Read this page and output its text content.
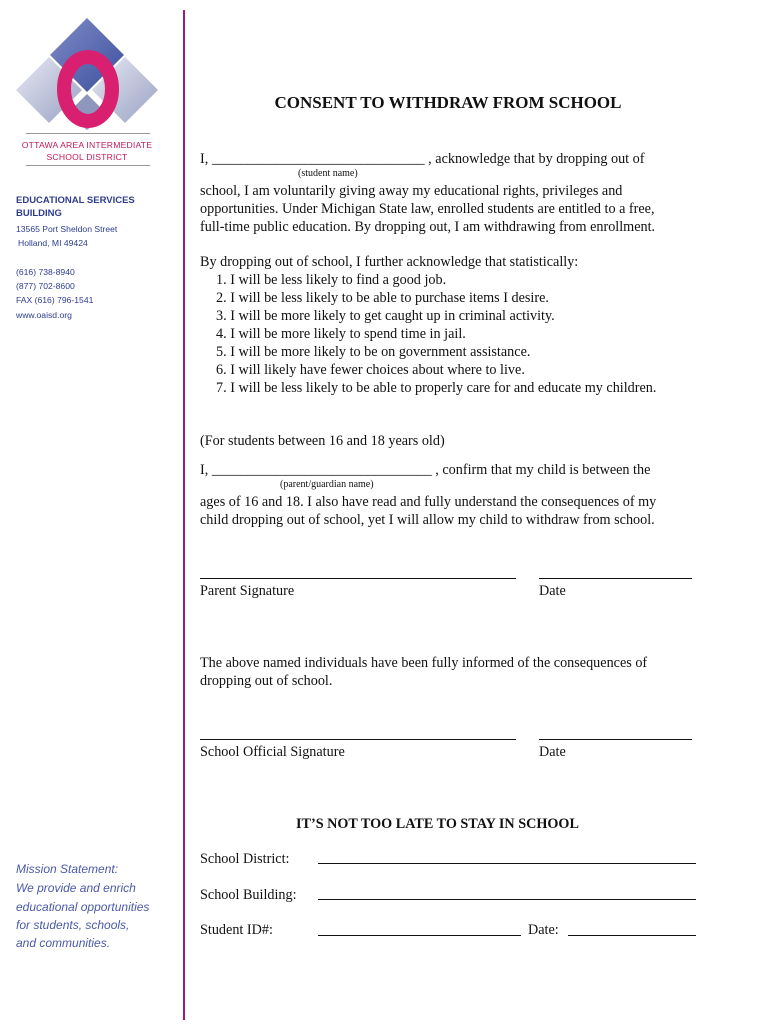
OTTAWA AREA INTERMEDIATE
SCHOOL DISTRICT
EDUCATIONAL SERVICES
BUILDING
13565 Port Sheldon Street
Holland, MI 49424
(616) 738-8940
(877) 702-8600
FAX (616) 796-1541
www.oaisd.org
Mission Statement:
We provide and enrich
educational opportunities
for students, schools,
and communities.
CONSENT TO WITHDRAW FROM SCHOOL
I, ______________________________ , acknowledge that by dropping out of
(student name)
school, I am voluntarily giving away my educational rights, privileges and
opportunities. Under Michigan State law, enrolled students are entitled to a free,
full-time public education. By dropping out, I am withdrawing from enrollment.
By dropping out of school, I further acknowledge that statistically:
1. I will be less likely to find a good job.
2. I will be less likely to be able to purchase items I desire.
3. I will be more likely to get caught up in criminal activity.
4. I will be more likely to spend time in jail.
5. I will be more likely to be on government assistance.
6. I will likely have fewer choices about where to live.
7. I will be less likely to be able to properly care for and educate my children.
(For students between 16 and 18 years old)
I, _______________________________ , confirm that my child is between the
(parent/guardian name)
ages of 16 and 18. I also have read and fully understand the consequences of my
child dropping out of school, yet I will allow my child to withdraw from school.
Parent Signature	Date
The above named individuals have been fully informed of the consequences of
dropping out of school.
School Official Signature	Date
IT’S NOT TOO LATE TO STAY IN SCHOOL
School District:
School Building:
Student ID#:	Date:
